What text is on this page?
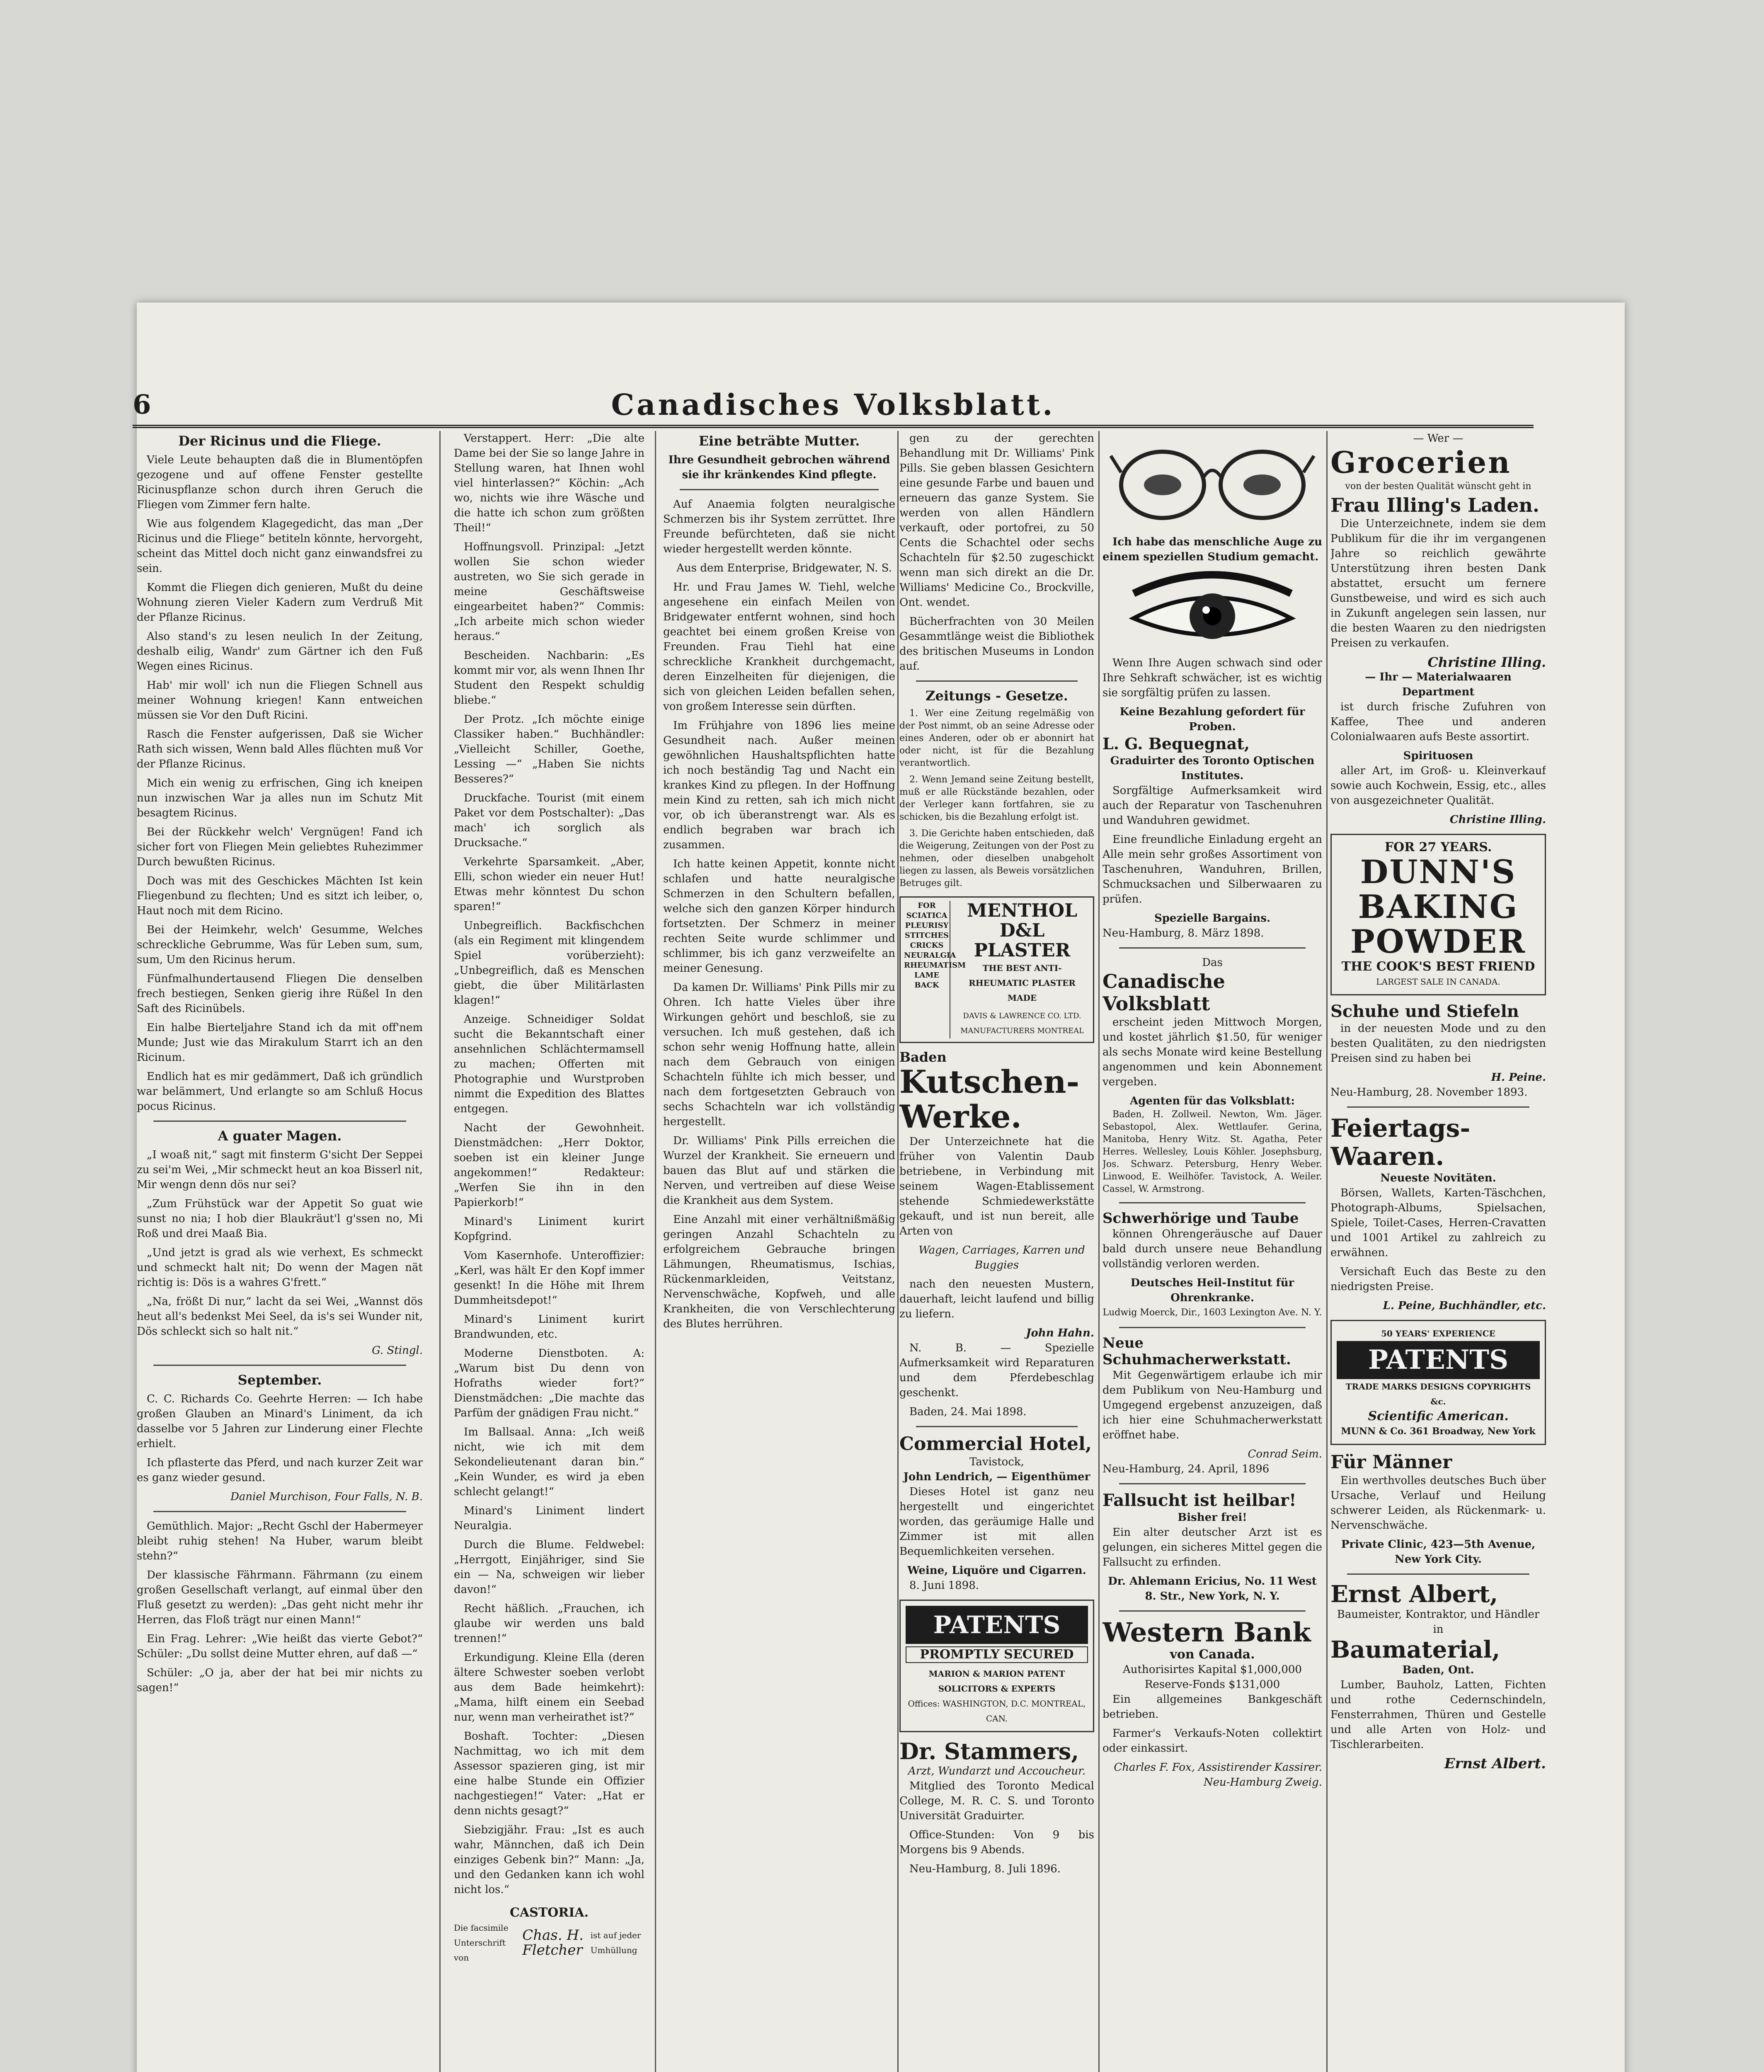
6	Canadisches Volksblatt.
Der Ricinus und die Fliege.

Viele Leute behaupten daß die in Blumentöpfen gezogene und auf offene Fenster gestellte Ricinuspflanze schon durch ihren Geruch die Fliegen vom Zimmer fern halte.

Wie aus folgendem Klagegedicht, das man „Der Ricinus und die Fliege“ betiteln könnte, hervorgeht, scheint das Mittel doch nicht ganz einwandsfrei zu sein.

Kommt die Fliegen dich genieren, Mußt du deine Wohnung zieren Vieler Kadern zum Verdruß Mit der Pflanze Ricinus.

Also stand's zu lesen neulich In der Zeitung, deshalb eilig, Wandr' zum Gärtner ich den Fuß Wegen eines Ricinus.

Hab' mir woll' ich nun die Fliegen Schnell aus meiner Wohnung kriegen! Kann entweichen müssen sie Vor den Duft Ricini.

Rasch die Fenster aufgerissen, Daß sie Wicher Rath sich wissen, Wenn bald Alles flüchten muß Vor der Pflanze Ricinus.

Mich ein wenig zu erfrischen, Ging ich kneipen nun inzwischen War ja alles nun im Schutz Mit besagtem Ricinus.

Bei der Rückkehr welch' Vergnügen! Fand ich sicher fort von Fliegen Mein geliebtes Ruhezimmer Durch bewußten Ricinus.

Doch was mit des Geschickes Mächten Ist kein Fliegenbund zu flechten; Und es sitzt ich leiber, o, Haut noch mit dem Ricino.

Bei der Heimkehr, welch' Gesumme, Welches schreckliche Gebrumme, Was für Leben sum, sum, sum, Um den Ricinus herum.

Fünfmalhundertausend Fliegen Die denselben frech bestiegen, Senken gierig ihre Rüßel In den Saft des Ricinübels.

Ein halbe Bierteljahre Stand ich da mit off'nem Munde; Just wie das Mirakulum Starrt ich an den Ricinum.

Endlich hat es mir gedämmert, Daß ich gründlich war belämmert, Und erlangte so am Schluß Hocus pocus Ricinus.

A guater Magen.

„I woaß nit,“ sagt mit finsterm G'sicht Der Seppei zu sei'm Wei, „Mir schmeckt heut an koa Bisserl nit, Mir wengn denn dös nur sei?

„Zum Frühstück war der Appetit So guat wie sunst no nia; I hob dier Blaukräut'l g'ssen no, Mi Roß und drei Maaß Bia.

„Und jetzt is grad als wie verhext, Es schmeckt und schmeckt halt nit; Do wenn der Magen nät richtig is: Dös is a wahres G'frett.“

„Na, frößt Di nur,“ lacht da sei Wei, „Wannst dös heut all's bedenkst Mei Seel, da is's sei Wunder nit, Dös schleckt sich so halt nit.“

G. Stingl.
September.

C. C. Richards Co. Geehrte Herren: — Ich habe großen Glauben an Minard's Liniment, da ich dasselbe vor 5 Jahren zur Linderung einer Flechte erhielt.

Ich pflasterte das Pferd, und nach kurzer Zeit war es ganz wieder gesund.

Daniel Murchison, Four Falls, N. B.

Gemüthlich. Major: „Recht Gschl der Habermeyer bleibt ruhig stehen! Na Huber, warum bleibt stehn?“

Der klassische Fährmann. Fährmann (zu einem großen Gesellschaft verlangt, auf einmal über den Fluß gesetzt zu werden): „Das geht nicht mehr ihr Herren, das Floß trägt nur einen Mann!“

Ein Frag. Lehrer: „Wie heißt das vierte Gebot?“ Schüler: „Du sollst deine Mutter ehren, auf daß —“

Schüler: „O ja, aber der hat bei mir nichts zu sagen!“

Verstappert. Herr: „Die alte Dame bei der Sie so lange Jahre in Stellung waren, hat Ihnen wohl viel hinterlassen?“ Köchin: „Ach wo, nichts wie ihre Wäsche und die hatte ich schon zum größten Theil!“

Hoffnungsvoll. Prinzipal: „Jetzt wollen Sie schon wieder austreten, wo Sie sich gerade in meine Geschäftsweise eingearbeitet haben?“ Commis: „Ich arbeite mich schon wieder heraus.“

Bescheiden. Nachbarin: „Es kommt mir vor, als wenn Ihnen Ihr Student den Respekt schuldig bliebe.“

Der Protz. „Ich möchte einige Classiker haben.“ Buchhändler: „Vielleicht Schiller, Goethe, Lessing —“ „Haben Sie nichts Besseres?“

Druckfache. Tourist (mit einem Paket vor dem Postschalter): „Das mach' ich sorglich als Drucksache.“

Verkehrte Sparsamkeit. „Aber, Elli, schon wieder ein neuer Hut! Etwas mehr könntest Du schon sparen!“

Unbegreiflich. Backfischchen (als ein Regiment mit klingendem Spiel vorüberzieht): „Unbegreiflich, daß es Menschen giebt, die über Militärlasten klagen!“

Anzeige. Schneidiger Soldat sucht die Bekanntschaft einer ansehnlichen Schlächtermamsell zu machen; Offerten mit Photographie und Wurstproben nimmt die Expedition des Blattes entgegen.

Nacht der Gewohnheit. Dienstmädchen: „Herr Doktor, soeben ist ein kleiner Junge angekommen!“ Redakteur: „Werfen Sie ihn in den Papierkorb!“

Minard's Liniment kurirt Kopfgrind.

Vom Kasernhofe. Unteroffizier: „Kerl, was hält Er den Kopf immer gesenkt! In die Höhe mit Ihrem Dummheitsdepot!“

Minard's Liniment kurirt Brandwunden, etc.

Moderne Dienstboten. A: „Warum bist Du denn von Hofraths wieder fort?“ Dienstmädchen: „Die machte das Parfüm der gnädigen Frau nicht.“

Im Ballsaal. Anna: „Ich weiß nicht, wie ich mit dem Sekondelieutenant daran bin.“ „Kein Wunder, es wird ja eben schlecht gelangt!“

Minard's Liniment lindert Neuralgia.

Durch die Blume. Feldwebel: „Herrgott, Einjähriger, sind Sie ein — Na, schweigen wir lieber davon!“

Recht häßlich. „Frauchen, ich glaube wir werden uns bald trennen!“

Erkundigung. Kleine Ella (deren ältere Schwester soeben verlobt aus dem Bade heimkehrt): „Mama, hilft einem ein Seebad nur, wenn man verheirathet ist?“

Boshaft. Tochter: „Diesen Nachmittag, wo ich mit dem Assessor spazieren ging, ist mir eine halbe Stunde ein Offizier nachgestiegen!“ Vater: „Hat er denn nichts gesagt?“

Siebzigjähr. Frau: „Ist es auch wahr, Männchen, daß ich Dein einziges Gebenk bin?“ Mann: „Ja, und den Gedanken kann ich wohl nicht los.“

CASTORIA.
Die facsimile Unterschrift von
Chas. H. Fletcher
ist auf jeder Umhüllung
Eine beträbte Mutter.

Ihre Gesundheit gebrochen während sie ihr kränkendes Kind pflegte.

Auf Anaemia folgten neuralgische Schmerzen bis ihr System zerrüttet. Ihre Freunde befürchteten, daß sie nicht wieder hergestellt werden könnte.

Aus dem Enterprise, Bridgewater, N. S.

Hr. und Frau James W. Tiehl, welche angesehene ein einfach Meilen von Bridgewater entfernt wohnen, sind hoch geachtet bei einem großen Kreise von Freunden. Frau Tiehl hat eine schreckliche Krankheit durchgemacht, deren Einzelheiten für diejenigen, die sich von gleichen Leiden befallen sehen, von großem Interesse sein dürften.

Im Frühjahre von 1896 lies meine Gesundheit nach. Außer meinen gewöhnlichen Haushaltspflichten hatte ich noch beständig Tag und Nacht ein krankes Kind zu pflegen. In der Hoffnung mein Kind zu retten, sah ich mich nicht vor, ob ich überanstrengt war. Als es endlich begraben war brach ich zusammen.

Ich hatte keinen Appetit, konnte nicht schlafen und hatte neuralgische Schmerzen in den Schultern befallen, welche sich den ganzen Körper hindurch fortsetzten. Der Schmerz in meiner rechten Seite wurde schlimmer und schlimmer, bis ich ganz verzweifelte an meiner Genesung.

Da kamen Dr. Williams' Pink Pills mir zu Ohren. Ich hatte Vieles über ihre Wirkungen gehört und beschloß, sie zu versuchen. Ich muß gestehen, daß ich schon sehr wenig Hoffnung hatte, allein nach dem Gebrauch von einigen Schachteln fühlte ich mich besser, und nach dem fortgesetzten Gebrauch von sechs Schachteln war ich vollständig hergestellt.

Dr. Williams' Pink Pills erreichen die Wurzel der Krankheit. Sie erneuern und bauen das Blut auf und stärken die Nerven, und vertreiben auf diese Weise die Krankheit aus dem System.

Eine Anzahl mit einer verhältnißmäßig geringen Anzahl Schachteln zu erfolgreichem Gebrauche bringen Lähmungen, Rheumatismus, Ischias, Rückenmarkleiden, Veitstanz, Nervenschwäche, Kopfweh, und alle Krankheiten, die von Verschlechterung des Blutes herrühren.

gen zu der gerechten Behandlung mit Dr. Williams' Pink Pills. Sie geben blassen Gesichtern eine gesunde Farbe und bauen und erneuern das ganze System. Sie werden von allen Händlern verkauft, oder portofrei, zu 50 Cents die Schachtel oder sechs Schachteln für $2.50 zugeschickt wenn man sich direkt an die Dr. Williams' Medicine Co., Brockville, Ont. wendet.

Bücherfrachten von 30 Meilen Gesammtlänge weist die Bibliothek des britischen Museums in London auf.

Zeitungs - Gesetze.

1. Wer eine Zeitung regelmäßig von der Post nimmt, ob an seine Adresse oder eines Anderen, oder ob er abonnirt hat oder nicht, ist für die Bezahlung verantwortlich.

2. Wenn Jemand seine Zeitung bestellt, muß er alle Rückstände bezahlen, oder der Verleger kann fortfahren, sie zu schicken, bis die Bezahlung erfolgt ist.

3. Die Gerichte haben entschieden, daß die Weigerung, Zeitungen von der Post zu nehmen, oder dieselben unabgeholt liegen zu lassen, als Beweis vorsätzlichen Betruges gilt.

FOR SCIATICA PLEURISY STITCHES CRICKS NEURALGIA RHEUMATISM LAME BACK
MENTHOL D&L PLASTER
THE BEST ANTI-RHEUMATIC PLASTER MADE
DAVIS & LAWRENCE CO. LTD. MANUFACTURERS MONTREAL
Baden
Kutschen-Werke.

Der Unterzeichnete hat die früher von Valentin Daub betriebene, in Verbindung mit seinem Wagen-Etablissement stehende Schmiedewerkstätte gekauft, und ist nun bereit, alle Arten von

Wagen, Carriages, Karren und Buggies

nach den neuesten Mustern, dauerhaft, leicht laufend und billig zu liefern.

John Hahn.

N. B. — Spezielle Aufmerksamkeit wird Reparaturen und dem Pferdebeschlag geschenkt.

Baden, 24. Mai 1898.

Commercial Hotel,
Tavistock,
John Lendrich, — Eigenthümer

Dieses Hotel ist ganz neu hergestellt und eingerichtet worden, das geräumige Halle und Zimmer ist mit allen Bequemlichkeiten versehen.

Weine, Liquöre und Cigarren.

8. Juni 1898.

PATENTS
PROMPTLY SECURED
MARION & MARION PATENT SOLICITORS & EXPERTS
Offices: WASHINGTON, D.C. MONTREAL, CAN.
Dr. Stammers,
Arzt, Wundarzt und Accoucheur.

Mitglied des Toronto Medical College, M. R. C. S. und Toronto Universität Graduirter.

Office-Stunden: Von 9 bis Morgens bis 9 Abends.

Neu-Hamburg, 8. Juli 1896.

Ich habe das menschliche Auge zu einem speziellen Studium gemacht.

Wenn Ihre Augen schwach sind oder Ihre Sehkraft schwächer, ist es wichtig sie sorgfältig prüfen zu lassen.

Keine Bezahlung gefordert für Proben.
L. G. Bequegnat,
Graduirter des Toronto Optischen Institutes.

Sorgfältige Aufmerksamkeit wird auch der Reparatur von Taschenuhren und Wanduhren gewidmet.

Eine freundliche Einladung ergeht an Alle mein sehr großes Assortiment von Taschenuhren, Wanduhren, Brillen, Schmucksachen und Silberwaaren zu prüfen.

Spezielle Bargains.
Neu-Hamburg, 8. März 1898.
Das
Canadische Volksblatt

erscheint jeden Mittwoch Morgen, und kostet jährlich $1.50, für weniger als sechs Monate wird keine Bestellung angenommen und kein Abonnement vergeben.

Agenten für das Volksblatt:

Baden, H. Zollweil. Newton, Wm. Jäger. Sebastopol, Alex. Wettlaufer. Gerina, Manitoba, Henry Witz. St. Agatha, Peter Herres. Wellesley, Louis Köhler. Josephsburg, Jos. Schwarz. Petersburg, Henry Weber. Linwood, E. Weilhöfer. Tavistock, A. Weiler. Cassel, W. Armstrong.

Schwerhörige und Taube

können Ohrengeräusche auf Dauer bald durch unsere neue Behandlung vollständig verloren werden.

Deutsches Heil-Institut für Ohrenkranke.
Ludwig Moerck, Dir., 1603 Lexington Ave. N. Y.
Neue Schuhmacherwerkstatt.

Mit Gegenwärtigem erlaube ich mir dem Publikum von Neu-Hamburg und Umgegend ergebenst anzuzeigen, daß ich hier eine Schuhmacherwerkstatt eröffnet habe.

Conrad Seim.
Neu-Hamburg, 24. April, 1896
Fallsucht ist heilbar!
Bisher frei!

Ein alter deutscher Arzt ist es gelungen, ein sicheres Mittel gegen die Fallsucht zu erfinden.

Dr. Ahlemann Ericius, No. 11 West 8. Str., New York, N. Y.
Western Bank
von Canada.
Authorisirtes Kapital $1,000,000
Reserve-Fonds $131,000

Ein allgemeines Bankgeschäft betrieben.

Farmer's Verkaufs-Noten collektirt oder einkassirt.

Charles F. Fox, Assistirender Kassirer.
Neu-Hamburg Zweig.
— Wer —
Grocerien
von der besten Qualität wünscht geht in
Frau Illing's Laden.

Die Unterzeichnete, indem sie dem Publikum für die ihr im vergangenen Jahre so reichlich gewährte Unterstützung ihren besten Dank abstattet, ersucht um fernere Gunstbeweise, und wird es sich auch in Zukunft angelegen sein lassen, nur die besten Waaren zu den niedrigsten Preisen zu verkaufen.

Christine Illing.
— Ihr — Materialwaaren Department

ist durch frische Zufuhren von Kaffee, Thee und anderen Colonialwaaren aufs Beste assortirt.

Spirituosen

aller Art, im Groß- u. Kleinverkauf sowie auch Kochwein, Essig, etc., alles von ausgezeichneter Qualität.

Christine Illing.
FOR 27 YEARS.
DUNN'S BAKING POWDER
THE COOK'S BEST FRIEND
LARGEST SALE IN CANADA.
Schuhe und Stiefeln

in der neuesten Mode und zu den besten Qualitäten, zu den niedrigsten Preisen sind zu haben bei

H. Peine.
Neu-Hamburg, 28. November 1893.
Feiertags-Waaren.
Neueste Novitäten.

Börsen, Wallets, Karten-Täschchen, Photograph-Albums, Spielsachen, Spiele, Toilet-Cases, Herren-Cravatten und 1001 Artikel zu zahlreich zu erwähnen.

Versichaft Euch das Beste zu den niedrigsten Preise.

L. Peine, Buchhändler, etc.
50 YEARS' EXPERIENCE
PATENTS
TRADE MARKS DESIGNS COPYRIGHTS &c.
Scientific American.
MUNN & Co. 361 Broadway, New York
Für Männer

Ein werthvolles deutsches Buch über Ursache, Verlauf und Heilung schwerer Leiden, als Rückenmark- u. Nervenschwäche.

Private Clinic, 423—5th Avenue, New York City.
Ernst Albert,
Baumeister, Kontraktor, und Händler in
Baumaterial,
Baden, Ont.

Lumber, Bauholz, Latten, Fichten und rothe Cedernschindeln, Fensterrahmen, Thüren und Gestelle und alle Arten von Holz- und Tischlerarbeiten.

Ernst Albert.
